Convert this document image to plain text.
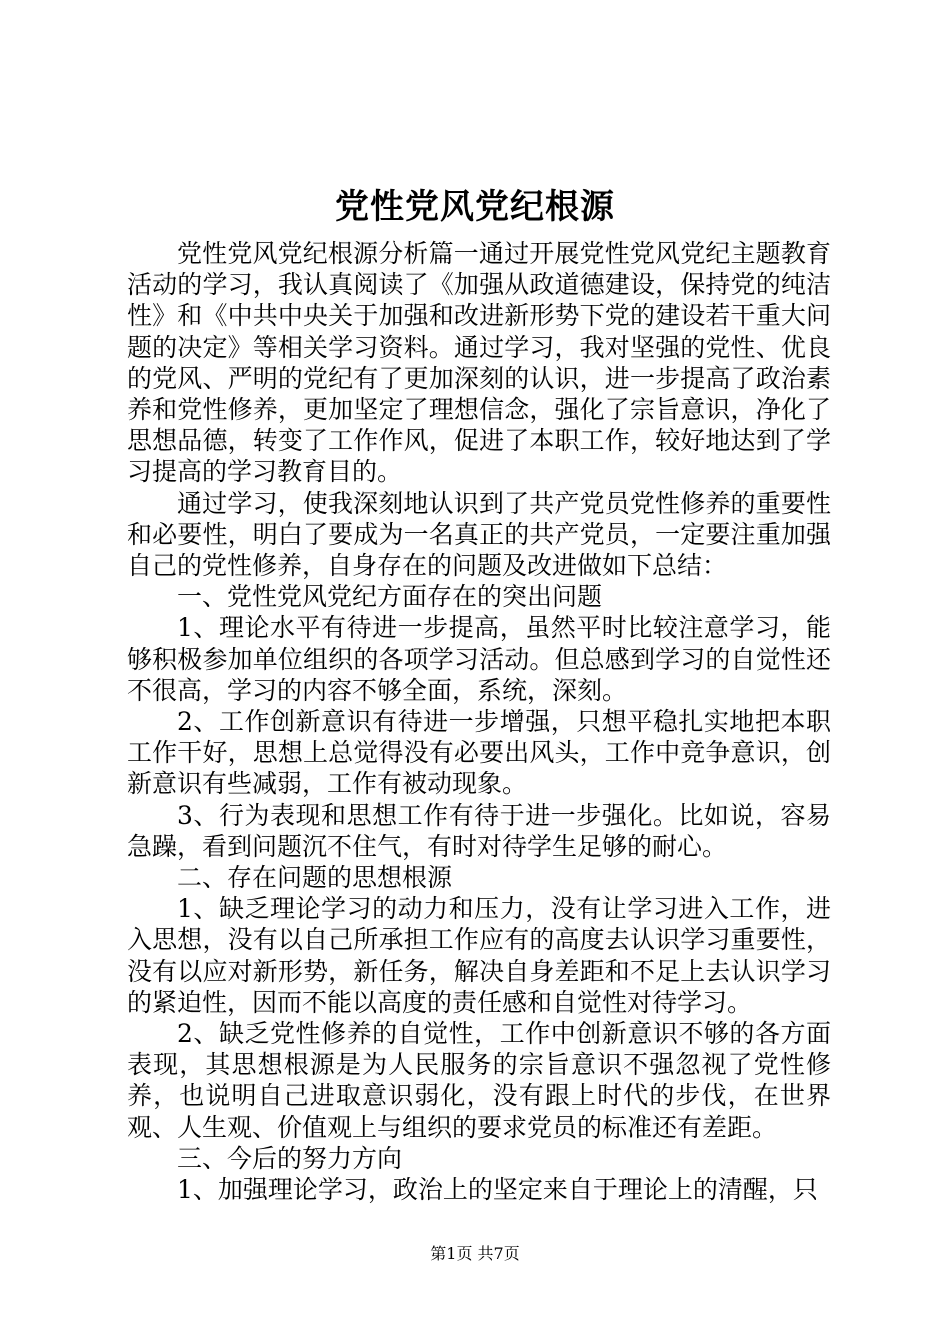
党性党风党纪根源

党性党风党纪根源分析篇一通过开展党性党风党纪主题教育活动的学习，我认真阅读了《加强从政道德建设，保持党的纯洁性》和《中共中央关于加强和改进新形势下党的建设若干重大问题的决定》等相关学习资料。通过学习，我对坚强的党性、优良的党风、严明的党纪有了更加深刻的认识，进一步提高了政治素养和党性修养，更加坚定了理想信念，强化了宗旨意识，净化了思想品德，转变了工作作风，促进了本职工作，较好地达到了学习提高的学习教育目的。

通过学习，使我深刻地认识到了共产党员党性修养的重要性和必要性，明白了要成为一名真正的共产党员，一定要注重加强自己的党性修养，自身存在的问题及改进做如下总结：

一、党性党风党纪方面存在的突出问题

1、理论水平有待进一步提高，虽然平时比较注意学习，能够积极参加单位组织的各项学习活动。但总感到学习的自觉性还不很高，学习的内容不够全面，系统，深刻。

2、工作创新意识有待进一步增强，只想平稳扎实地把本职工作干好，思想上总觉得没有必要出风头，工作中竞争意识，创新意识有些减弱，工作有被动现象。

3、行为表现和思想工作有待于进一步强化。比如说，容易急躁，看到问题沉不住气，有时对待学生足够的耐心。

二、存在问题的思想根源

1、缺乏理论学习的动力和压力，没有让学习进入工作，进入思想，没有以自己所承担工作应有的高度去认识学习重要性，没有以应对新形势，新任务，解决自身差距和不足上去认识学习的紧迫性，因而不能以高度的责任感和自觉性对待学习。

2、缺乏党性修养的自觉性，工作中创新意识不够的各方面表现，其思想根源是为人民服务的宗旨意识不强忽视了党性修养，也说明自己进取意识弱化，没有跟上时代的步伐，在世界观、人生观、价值观上与组织的要求党员的标准还有差距。

三、今后的努力方向

1、加强理论学习，政治上的坚定来自于理论上的清醒，只

第1页 共7页
